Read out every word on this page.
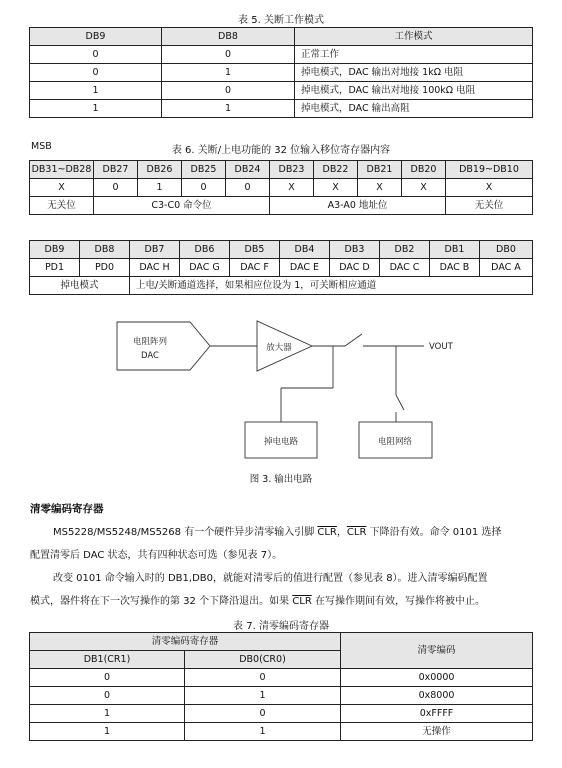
表 5. 关断工作模式
DB9	DB8	工作模式
0	0	正常工作
0	1	掉电模式，DAC 输出对地接 1kΩ 电阻
1	0	掉电模式，DAC 输出对地接 100kΩ 电阻
1	1	掉电模式，DAC 输出高阻
MSB	表 6. 关断/上电功能的 32 位输入移位寄存器内容
DB31~DB28	DB27	DB26	DB25	DB24	DB23	DB22	DB21	DB20	DB19~DB10
X	0	1	0	0	X	X	X	X	X
无关位	C3-C0 命令位				A3-A0 地址位				无关位
DB9	DB8	DB7	DB6	DB5	DB4	DB3	DB2	DB1	DB0
PD1	PD0	DAC H	DAC G	DAC F	DAC E	DAC D	DAC C	DAC B	DAC A
掉电模式		上电/关断通道选择，如果相应位设为 1，可关断相应通道							
电阻阵列
DAC
放大器	VOUT
掉电电路	电阻网络
图 3. 输出电路
清零编码寄存器
MS5228/MS5248/MS5268 有一个硬件异步清零输入引脚 $\overline{CLR}$，$\overline{CLR}$ 下降沿有效。命令 0101 选择
配置清零后 DAC 状态，共有四种状态可选（参见表 7）。
改变 0101 命令输入时的 DB1,DB0，就能对清零后的值进行配置（参见表 8）。进入清零编码配置
模式，器件将在下一次写操作的第 32 个下降沿退出。如果 $\overline{CLR}$ 在写操作期间有效，写操作将被中止。
表 7. 清零编码寄存器
清零编码寄存器		清零编码
DB1(CR1)	DB0(CR0)	
0	0	0x0000
0	1	0x8000
1	0	0xFFFF
1	1	无操作
